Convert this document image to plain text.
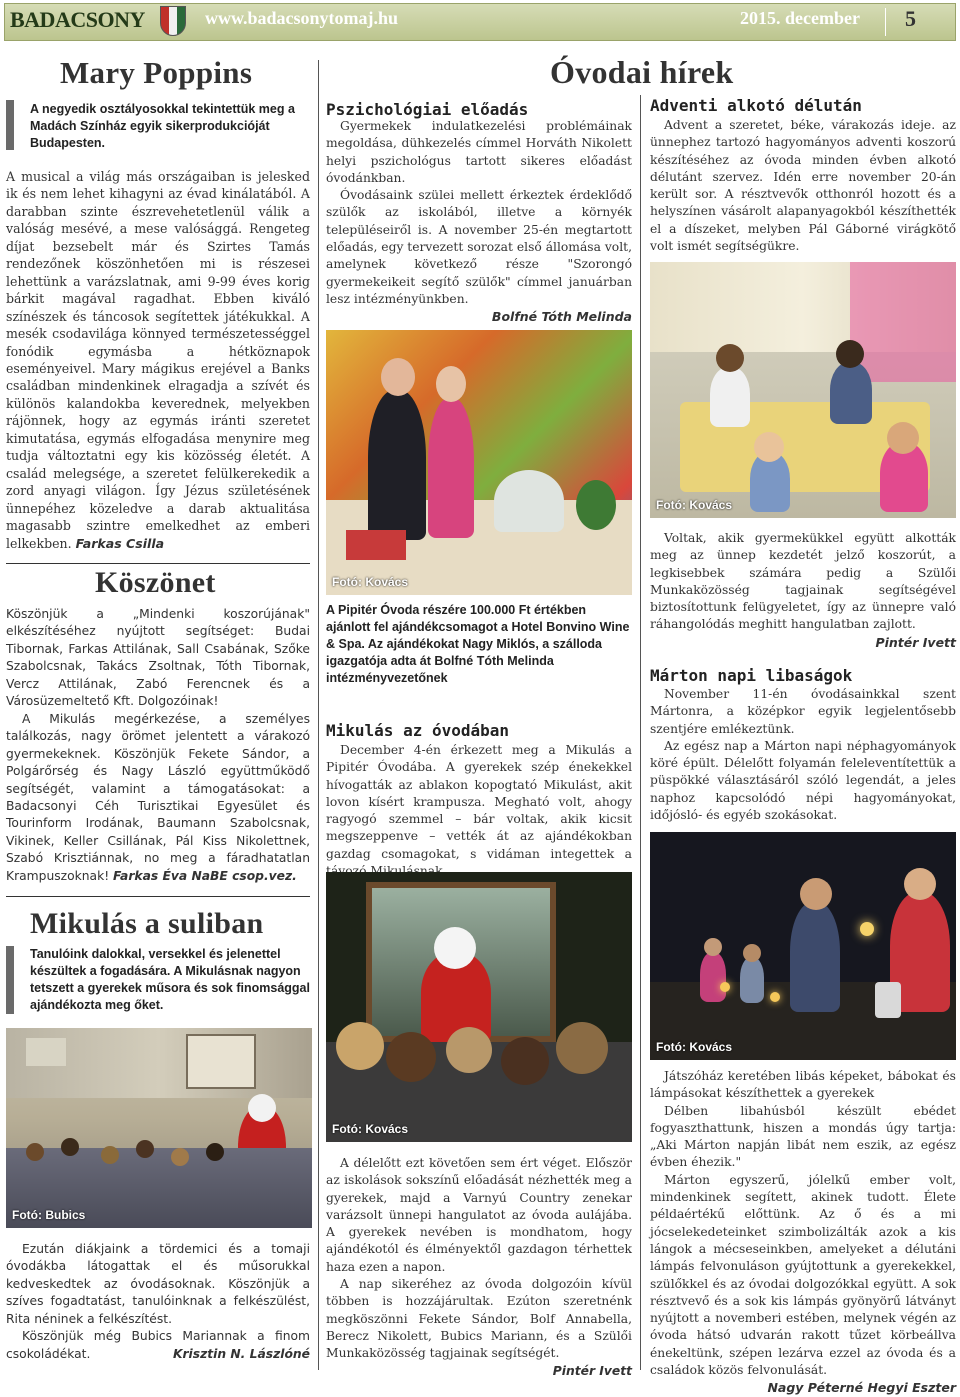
BADACSONY	www.badacsonytomaj.hu	2015. december 5
Mary Poppins
A negyedik osztályosokkal tekintettük meg a Madách Színház egyik sikerprodukcióját Budapesten.
A musical a világ más országaiban is jelesked ik és nem lehet kihagyni az évad kinálatából. A darabban szinte észrevehetetlenül válik a valóság mesévé, a mese valósággá. Rengeteg díjat bezsebelt már és Szirtes Tamás rendezőnek köszönhetően mi is részesei lehettünk a varázslatnak, ami 9-99 éves korig bárkit magával ragadhat. Ebben kiváló színészek és táncosok segítettek játékukkal. A mesék csodavilága könnyed természetességgel fonódik egymásba a hétköznapok eseményeivel. Mary mágikus erejével a Banks családban mindenkinek elragadja a szívét és különös kalandokba keverednek, melyekben rájönnek, hogy az egymás iránti szeretet kimutatása, egymás elfogadása menynire meg tudja változtatni egy kis közösség életét. A család melegsége, a szeretet felülkerekedik a zord anyagi világon. Így Jézus születésének ünnepéhez közeledve a darab aktualitása magasabb szintre emelkedhet az emberi lelkekben. Farkas Csilla
Köszönet

Köszönjük a „Mindenki koszorújának" elkészítéséhez nyújtott segítséget: Budai Tibornak, Farkas Attilának, Sall Csabának, Szőke Szabolcsnak, Takács Zsoltnak, Tóth Tibornak, Vercz Attilának, Zabó Ferencnek és a Városüzemeltető Kft. Dolgozóinak!

A Mikulás megérkezése, a személyes találkozás, nagy örömet jelentett a várakozó gyermekeknek. Köszönjük Fekete Sándor, a Polgárőrség és Nagy László együttműködő segítségét, valamint a támogatásokat: a Badacsonyi Céh Turisztikai Egyesület és Tourinform Irodának, Baumann Szabolcsnak, Vikinek, Keller Csillának, Pál Kiss Nikolettnek, Szabó Krisztiánnak, no meg a fáradhatatlan Krampuszoknak! Farkas Éva NaBE csop.vez.

Mikulás a suliban
Tanulóink dalokkal, versekkel és jelenettel készültek a fogadására. A Mikulásnak nagyon tetszett a gyerekek műsora és sok finomsággal ajándékozta meg őket.
Fotó: Bubics

Ezután diákjaink a tördemici és a tomaji óvodákba látogattak el és műsorukkal kedveskedtek az óvodásoknak. Köszönjük a szíves fogadtatást, tanulóinknak a felkészülést, Rita néninek a felkészítést.

Köszönjük még Bubics Mariannak a finom csokoládékat.	Krisztin N. Lászlóné

Óvodai hírek
Pszichológiai előadás

Gyermekek indulatkezelési problémáinak megoldása, dühkezelés címmel Horváth Nikolett helyi pszichológus tartott sikeres előadást óvodánkban.

Óvodásaink szülei mellett érkeztek érdeklődő szülők az iskolából, illetve a környék településeiről is. A november 25-én megtartott előadás, egy tervezett sorozat első állomása volt, amelynek következő része "Szorongó gyermekeikeit segítő szülők" címmel januárban lesz intézményünkben.

Bolfné Tóth Melinda
Fotó: Kovács
A Pipitér Óvoda részére 100.000 Ft értékben ajánlott fel ajándékcsomagot a Hotel Bonvino Wine & Spa. Az ajándékokat Nagy Miklós, a szálloda igazgatója adta át Bolfné Tóth Melinda intézményvezetőnek
Mikulás az óvodában

December 4-én érkezett meg a Mikulás a Pipitér Óvodába. A gyerekek szép énekekkel hívogatták az ablakon kopogtató Mikulást, akit lovon kísért krampusza. Megható volt, ahogy ragyogó szemmel – bár voltak, akik kicsit megszeppenve – vették át az ajándékokban gazdag csomagokat, s vidáman integettek a

Fotó: Kovács

A délelőtt ezt követően sem ért véget. Először az iskolások sokszínű előadását nézhették meg a gyerekek, majd a Varnyú Country zenekar varázsolt ünnepi hangulatot az óvoda aulájába. A gyerekek nevében is mondhatom, hogy ajándékotól és élményektől gazdagon térhettek haza ezen a napon.

A nap sikeréhez az óvoda dolgozóin kívül többen is hozzájárultak. Ezúton szeretnénk megköszönni Fekete Sándor, Bolf Annabella, Berecz Nikolett, Bubics Mariann, és a Szülői Munkaközösség tagjainak segítségét.
Pintér Ivett

Adventi alkotó délután

Advent a szeretet, béke, várakozás ideje. az ünnephez tartozó hagyományos adventi koszorú készítéséhez az óvoda minden évben alkotó délutánt szervez. Idén erre november 20-án került sor. A résztvevők otthonról hozott és a helyszínen vásárolt alapanyagokból készíthették el a díszeket, melyben Pál Gáborné virágkötő volt ismét segítségükre.

Fotó: Kovács

Voltak, akik gyermekükkel együtt alkották meg az ünnep kezdetét jelző koszorút, a legkisebbek számára pedig a Szülői Munkaközösség tagjainak segítségével biztosítottunk felügyeletet, így az ünnepre való ráhangolódás meghitt hangulatban zajlott.

Pintér Ivett
Márton napi libaságok

November 11-én óvodásainkkal szent Mártonra, a középkor egyik legjelentősebb szentjére emlékeztünk.

Az egész nap a Márton napi néphagyományok köré épült. Délelőtt folyamán feleleventítettük a püspökké választásáról szóló legendát, a jeles naphoz kapcsolódó népi hagyományokat, időjósló- és egyéb szokásokat.

Fotó: Kovács

Játszóház keretében libás képeket, bábokat és lámpásokat készíthettek a gyerekek

Délben libahúsból készült ebédet fogyaszthattunk, hiszen a mondás úgy tartja: „Aki Márton napján libát nem eszik, az egész évben éhezik."

Márton egyszerű, jólelkű ember volt, mindenkinek segített, akinek tudott. Élete példaértékű előttünk. Az ő és a mi jócselekedeteinket szimbolizálták azok a kis lángok a mécseseinkben, amelyeket a délutáni lámpás felvonuláson gyújtottunk a gyerekekkel, szülőkkel és az óvodai dolgozókkal együtt. A sok résztvevő és a sok kis lámpás gyönyörű látványt nyújtott a novemberi estében, melynek végén az óvoda hátsó udvarán rakott tűzet körbeállva énekeltünk, szépen lezárva ezzel az óvoda és a családok közös felvonulását.

Nagy Péterné Hegyi Eszter
